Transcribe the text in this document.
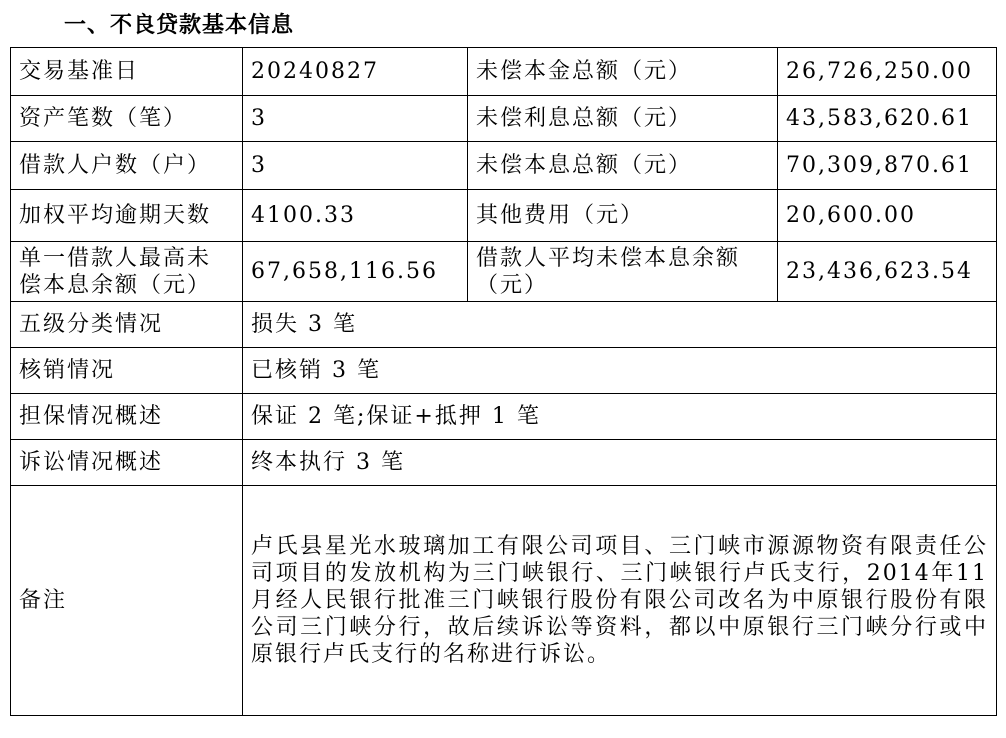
一、不良贷款基本信息
交易基准日	20240827	未偿本金总额（元）	26,726,250.00
资产笔数（笔）	3	未偿利息总额（元）	43,583,620.61
借款人户数（户）	3	未偿本息总额（元）	70,309,870.61
加权平均逾期天数	4100.33	其他费用（元）	20,600.00
单一借款人最高未偿本息余额（元）	67,658,116.56	借款人平均未偿本息余额（元）	23,436,623.54
五级分类情况	损失 3 笔		
核销情况	已核销 3 笔		
担保情况概述	保证 2 笔;保证+抵押 1 笔		
诉讼情况概述	终本执行 3 笔		
备注	卢氏县星光水玻璃加工有限公司项目、三门峡市源源物资有限责任公司项目的发放机构为三门峡银行、三门峡银行卢氏支行，2014年11月经人民银行批准三门峡银行股份有限公司改名为中原银行股份有限公司三门峡分行，故后续诉讼等资料，都以中原银行三门峡分行或中原银行卢氏支行的名称进行诉讼。		
